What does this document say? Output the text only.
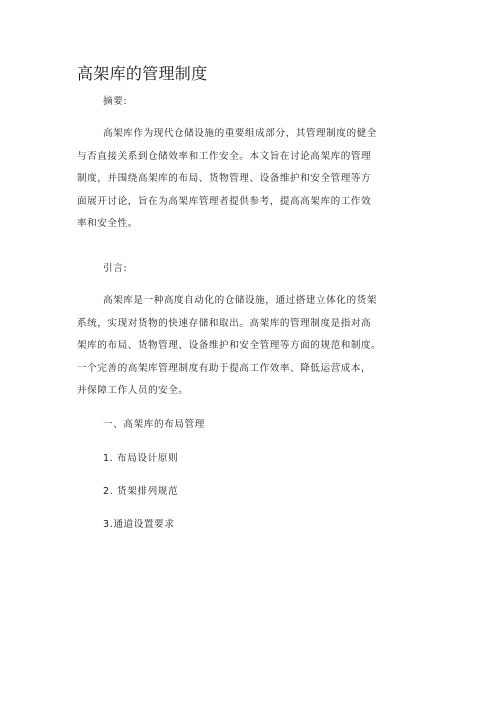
高架库的管理制度
摘要:
高架库作为现代仓储设施的重要组成部分，其管理制度的健全
与否直接关系到仓储效率和工作安全。本文旨在讨论高架库的管理
制度，并围绕高架库的布局、货物管理、设备维护和安全管理等方
面展开讨论，旨在为高架库管理者提供参考，提高高架库的工作效
率和安全性。
引言:
高架库是一种高度自动化的仓储设施，通过搭建立体化的货架
系统，实现对货物的快速存储和取出。高架库的管理制度是指对高
架库的布局、货物管理、设备维护和安全管理等方面的规范和制度。
一个完善的高架库管理制度有助于提高工作效率、降低运营成本，
并保障工作人员的安全。
一、高架库的布局管理
1. 布局设计原则
2. 货架排列规范
3.通道设置要求
